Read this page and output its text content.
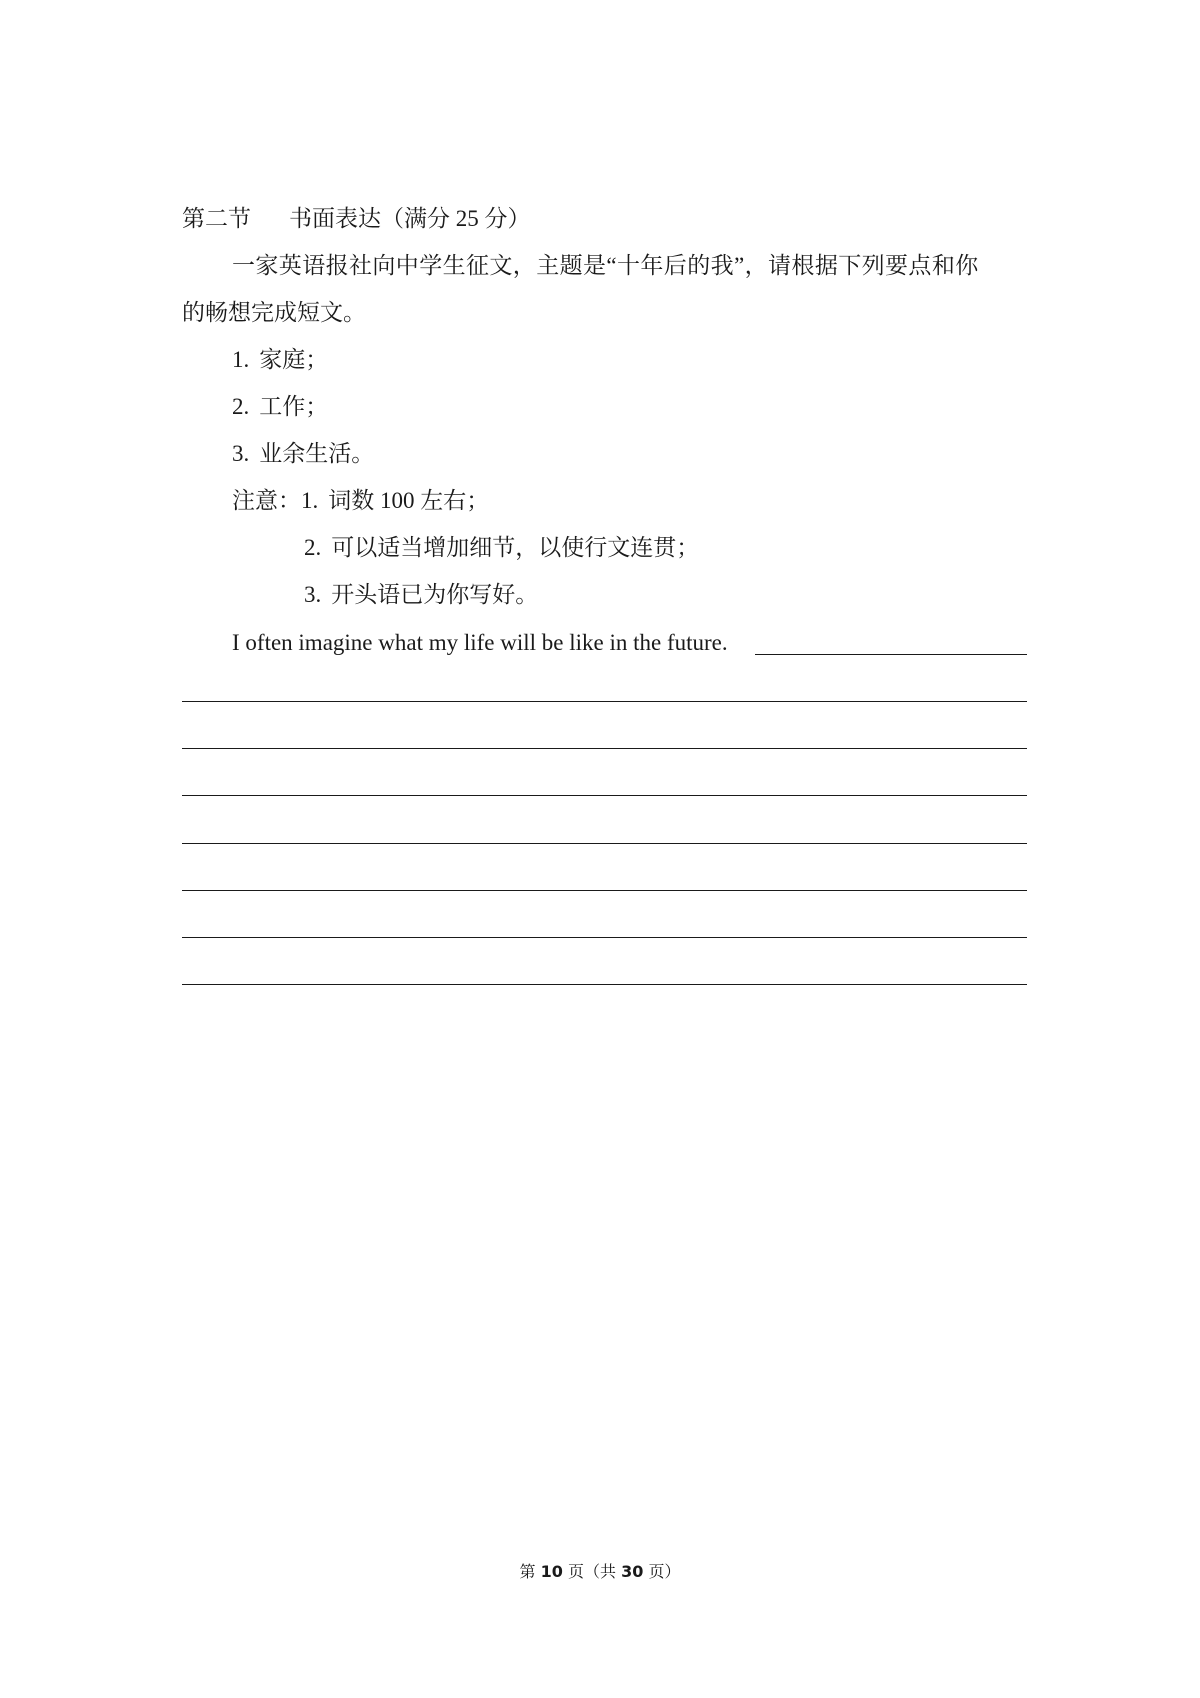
第二节 书面表达（满分 25 分）
一家英语报社向中学生征文，主题是“十年后的我”，请根据下列要点和你
的畅想完成短文。
1. 家庭；
2. 工作；
3. 业余生活。
注意：1. 词数 100 左右；
2. 可以适当增加细节，以使行文连贯；
3. 开头语已为你写好。
I often imagine what my life will be like in the future.
第 10 页（共 30 页）
